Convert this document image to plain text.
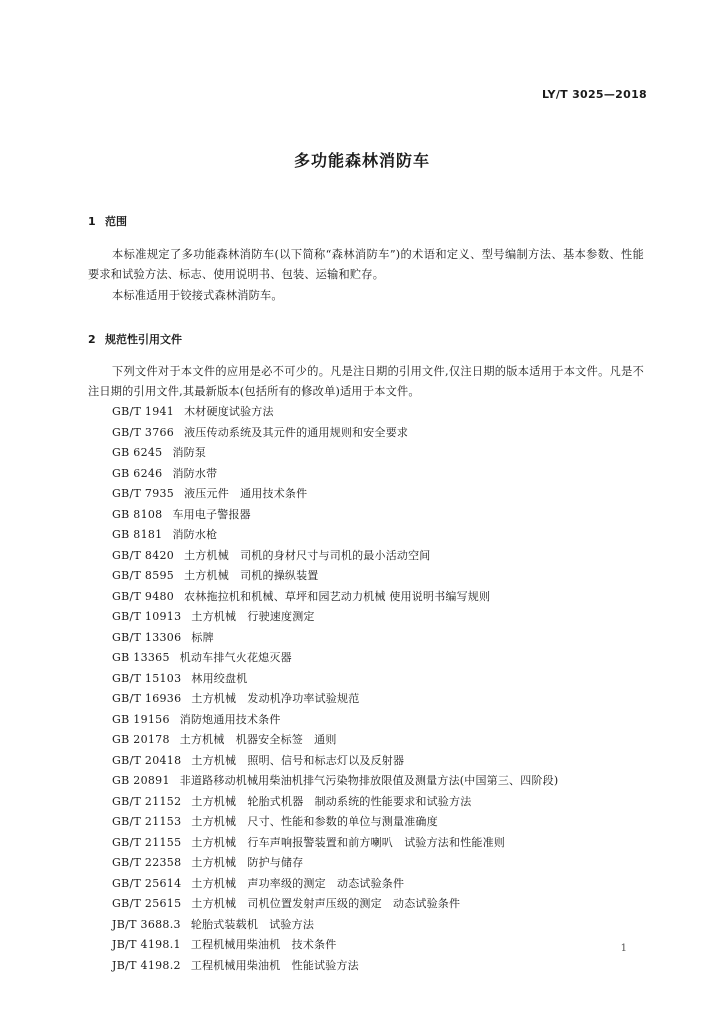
LY/T 3025—2018
多功能森林消防车
1 范围

本标准规定了多功能森林消防车(以下简称“森林消防车”)的术语和定义、型号编制方法、基本参数、性能要求和试验方法、标志、使用说明书、包装、运输和贮存。

本标准适用于铰接式森林消防车。

2 规范性引用文件

下列文件对于本文件的应用是必不可少的。凡是注日期的引用文件,仅注日期的版本适用于本文件。凡是不注日期的引用文件,其最新版本(包括所有的修改单)适用于本文件。

GB/T 1941 木材硬度试验方法
GB/T 3766 液压传动系统及其元件的通用规则和安全要求
GB 6245 消防泵
GB 6246 消防水带
GB/T 7935 液压元件　通用技术条件
GB 8108 车用电子警报器
GB 8181 消防水枪
GB/T 8420 土方机械　司机的身材尺寸与司机的最小活动空间
GB/T 8595 土方机械　司机的操纵装置
GB/T 9480 农林拖拉机和机械、草坪和园艺动力机械 使用说明书编写规则
GB/T 10913 土方机械　行驶速度测定
GB/T 13306 标牌
GB 13365 机动车排气火花熄灭器
GB/T 15103 林用绞盘机
GB/T 16936 土方机械　发动机净功率试验规范
GB 19156 消防炮通用技术条件
GB 20178 土方机械　机器安全标签　通则
GB/T 20418 土方机械　照明、信号和标志灯以及反射器
GB 20891 非道路移动机械用柴油机排气污染物排放限值及测量方法(中国第三、四阶段)
GB/T 21152 土方机械　轮胎式机器　制动系统的性能要求和试验方法
GB/T 21153 土方机械　尺寸、性能和参数的单位与测量准确度
GB/T 21155 土方机械　行车声响报警装置和前方喇叭　试验方法和性能准则
GB/T 22358 土方机械　防护与储存
GB/T 25614 土方机械　声功率级的测定　动态试验条件
GB/T 25615 土方机械　司机位置发射声压级的测定　动态试验条件
JB/T 3688.3 轮胎式装载机　试验方法
JB/T 4198.1 工程机械用柴油机　技术条件
JB/T 4198.2 工程机械用柴油机　性能试验方法
1
